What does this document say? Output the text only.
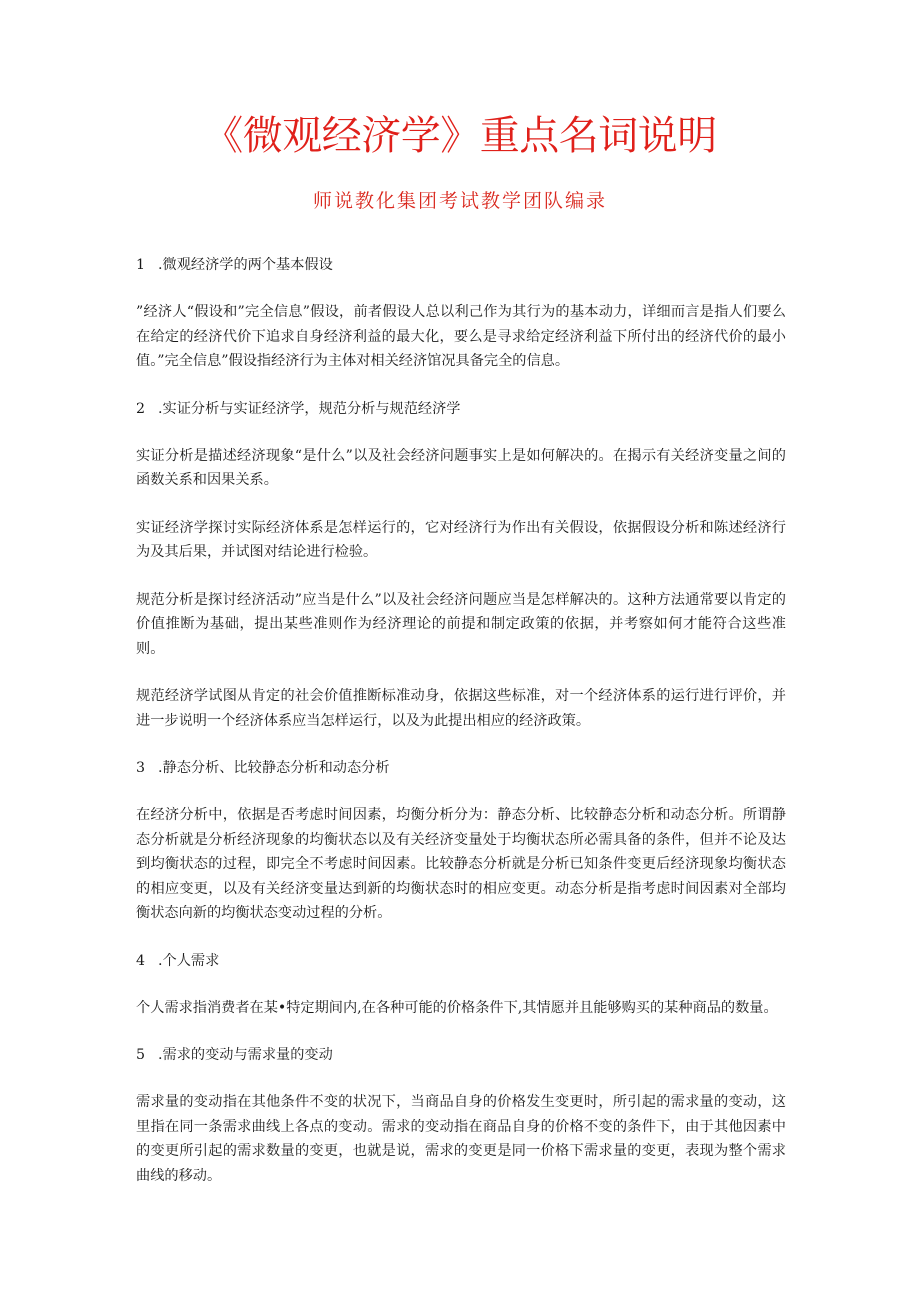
《微观经济学》重点名词说明

师说教化集团考试教学团队编录

1 .微观经济学的两个基本假设

”经济人“假设和”完全信息”假设，前者假设人总以利己作为其行为的基本动力，详细而言是指人们要么在给定的经济代价下追求自身经济利益的最大化，要么是寻求给定经济利益下所付出的经济代价的最小值。”完全信息”假设指经济行为主体对相关经济馆况具备完全的信息。

2 .实证分析与实证经济学，规范分析与规范经济学

实证分析是描述经济现象“是什么”以及社会经济问题事实上是如何解决的。在揭示有关经济变量之间的函数关系和因果关系。

实证经济学探讨实际经济体系是怎样运行的，它对经济行为作出有关假设，依据假设分析和陈述经济行为及其后果，并试图对结论进行检验。

规范分析是探讨经济活动”应当是什么”以及社会经济问题应当是怎样解决的。这种方法通常要以肯定的价值推断为基础，提出某些准则作为经济理论的前提和制定政策的依据，并考察如何才能符合这些准则。

规范经济学试图从肯定的社会价值推断标准动身，依据这些标准，对一个经济体系的运行进行评价，并进一步说明一个经济体系应当怎样运行，以及为此提出相应的经济政策。

3 .静态分析、比较静态分析和动态分析

在经济分析中，依据是否考虑时间因素，均衡分析分为：静态分析、比较静态分析和动态分析。所谓静态分析就是分析经济现象的均衡状态以及有关经济变量处于均衡状态所必需具备的条件，但并不论及达到均衡状态的过程，即完全不考虑时间因素。比较静态分析就是分析已知条件变更后经济现象均衡状态的相应变更，以及有关经济变量达到新的均衡状态时的相应变更。动态分析是指考虑时间因素对全部均衡状态向新的均衡状态变动过程的分析。

4 .个人需求

个人需求指消费者在某•特定期间内,在各种可能的价格条件下,其情愿并且能够购买的某种商品的数量。

5 .需求的变动与需求量的变动

需求量的变动指在其他条件不变的状况下，当商品自身的价格发生变更时，所引起的需求量的变动，这里指在同一条需求曲线上各点的变动。需求的变动指在商品自身的价格不变的条件下，由于其他因素中的变更所引起的需求数量的变更，也就是说，需求的变更是同一价格下需求量的变更，表现为整个需求曲线的移动。
